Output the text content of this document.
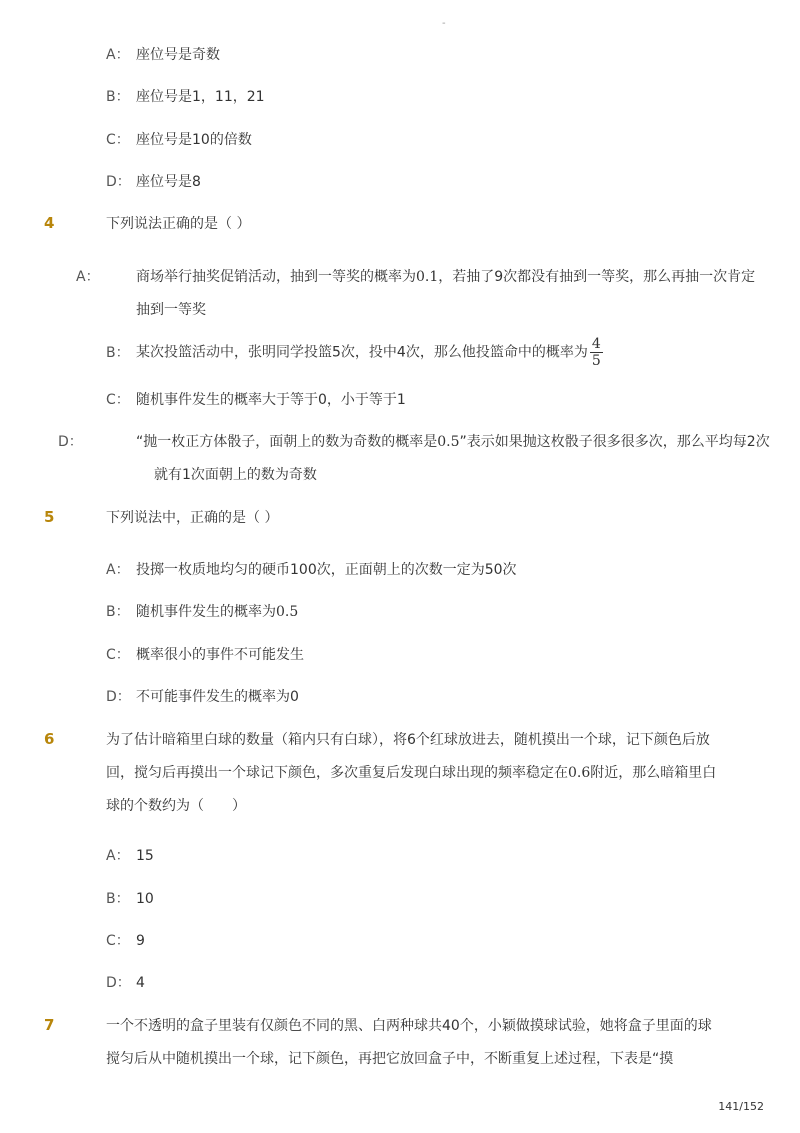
-
A： 座位号是奇数
B： 座位号是1，11，21
C： 座位号是10的倍数
D： 座位号是8
4	下列说法正确的是（ ）
A：	商场举行抽奖促销活动，抽到一等奖的概率为0.1，若抽了9次都没有抽到一等奖，那么再抽一次肯定抽到一等奖
B： 某次投篮活动中，张明同学投篮5次，投中4次，那么他投篮命中的概率为 $\frac{4}{5}$
C： 随机事件发生的概率大于等于0，小于等于1
D：	“抛一枚正方体骰子，面朝上的数为奇数的概率是0.5”表示如果抛这枚骰子很多很多次，那么平均每2次就有1次面朝上的数为奇数
5	下列说法中，正确的是（ ）
A： 投掷一枚质地均匀的硬币100次，正面朝上的次数一定为50次
B： 随机事件发生的概率为0.5
C： 概率很小的事件不可能发生
D： 不可能事件发生的概率为0
6	为了估计暗箱里白球的数量（箱内只有白球），将6个红球放进去，随机摸出一个球，记下颜色后放回，搅匀后再摸出一个球记下颜色，多次重复后发现白球出现的频率稳定在0.6附近，那么暗箱里白球的个数约为（　　）
A： 15
B： 10
C： 9
D： 4
7	一个不透明的盒子里装有仅颜色不同的黑、白两种球共40个，小颖做摸球试验，她将盒子里面的球搅匀后从中随机摸出一个球，记下颜色，再把它放回盒子中，不断重复上述过程，下表是“摸
141/152
